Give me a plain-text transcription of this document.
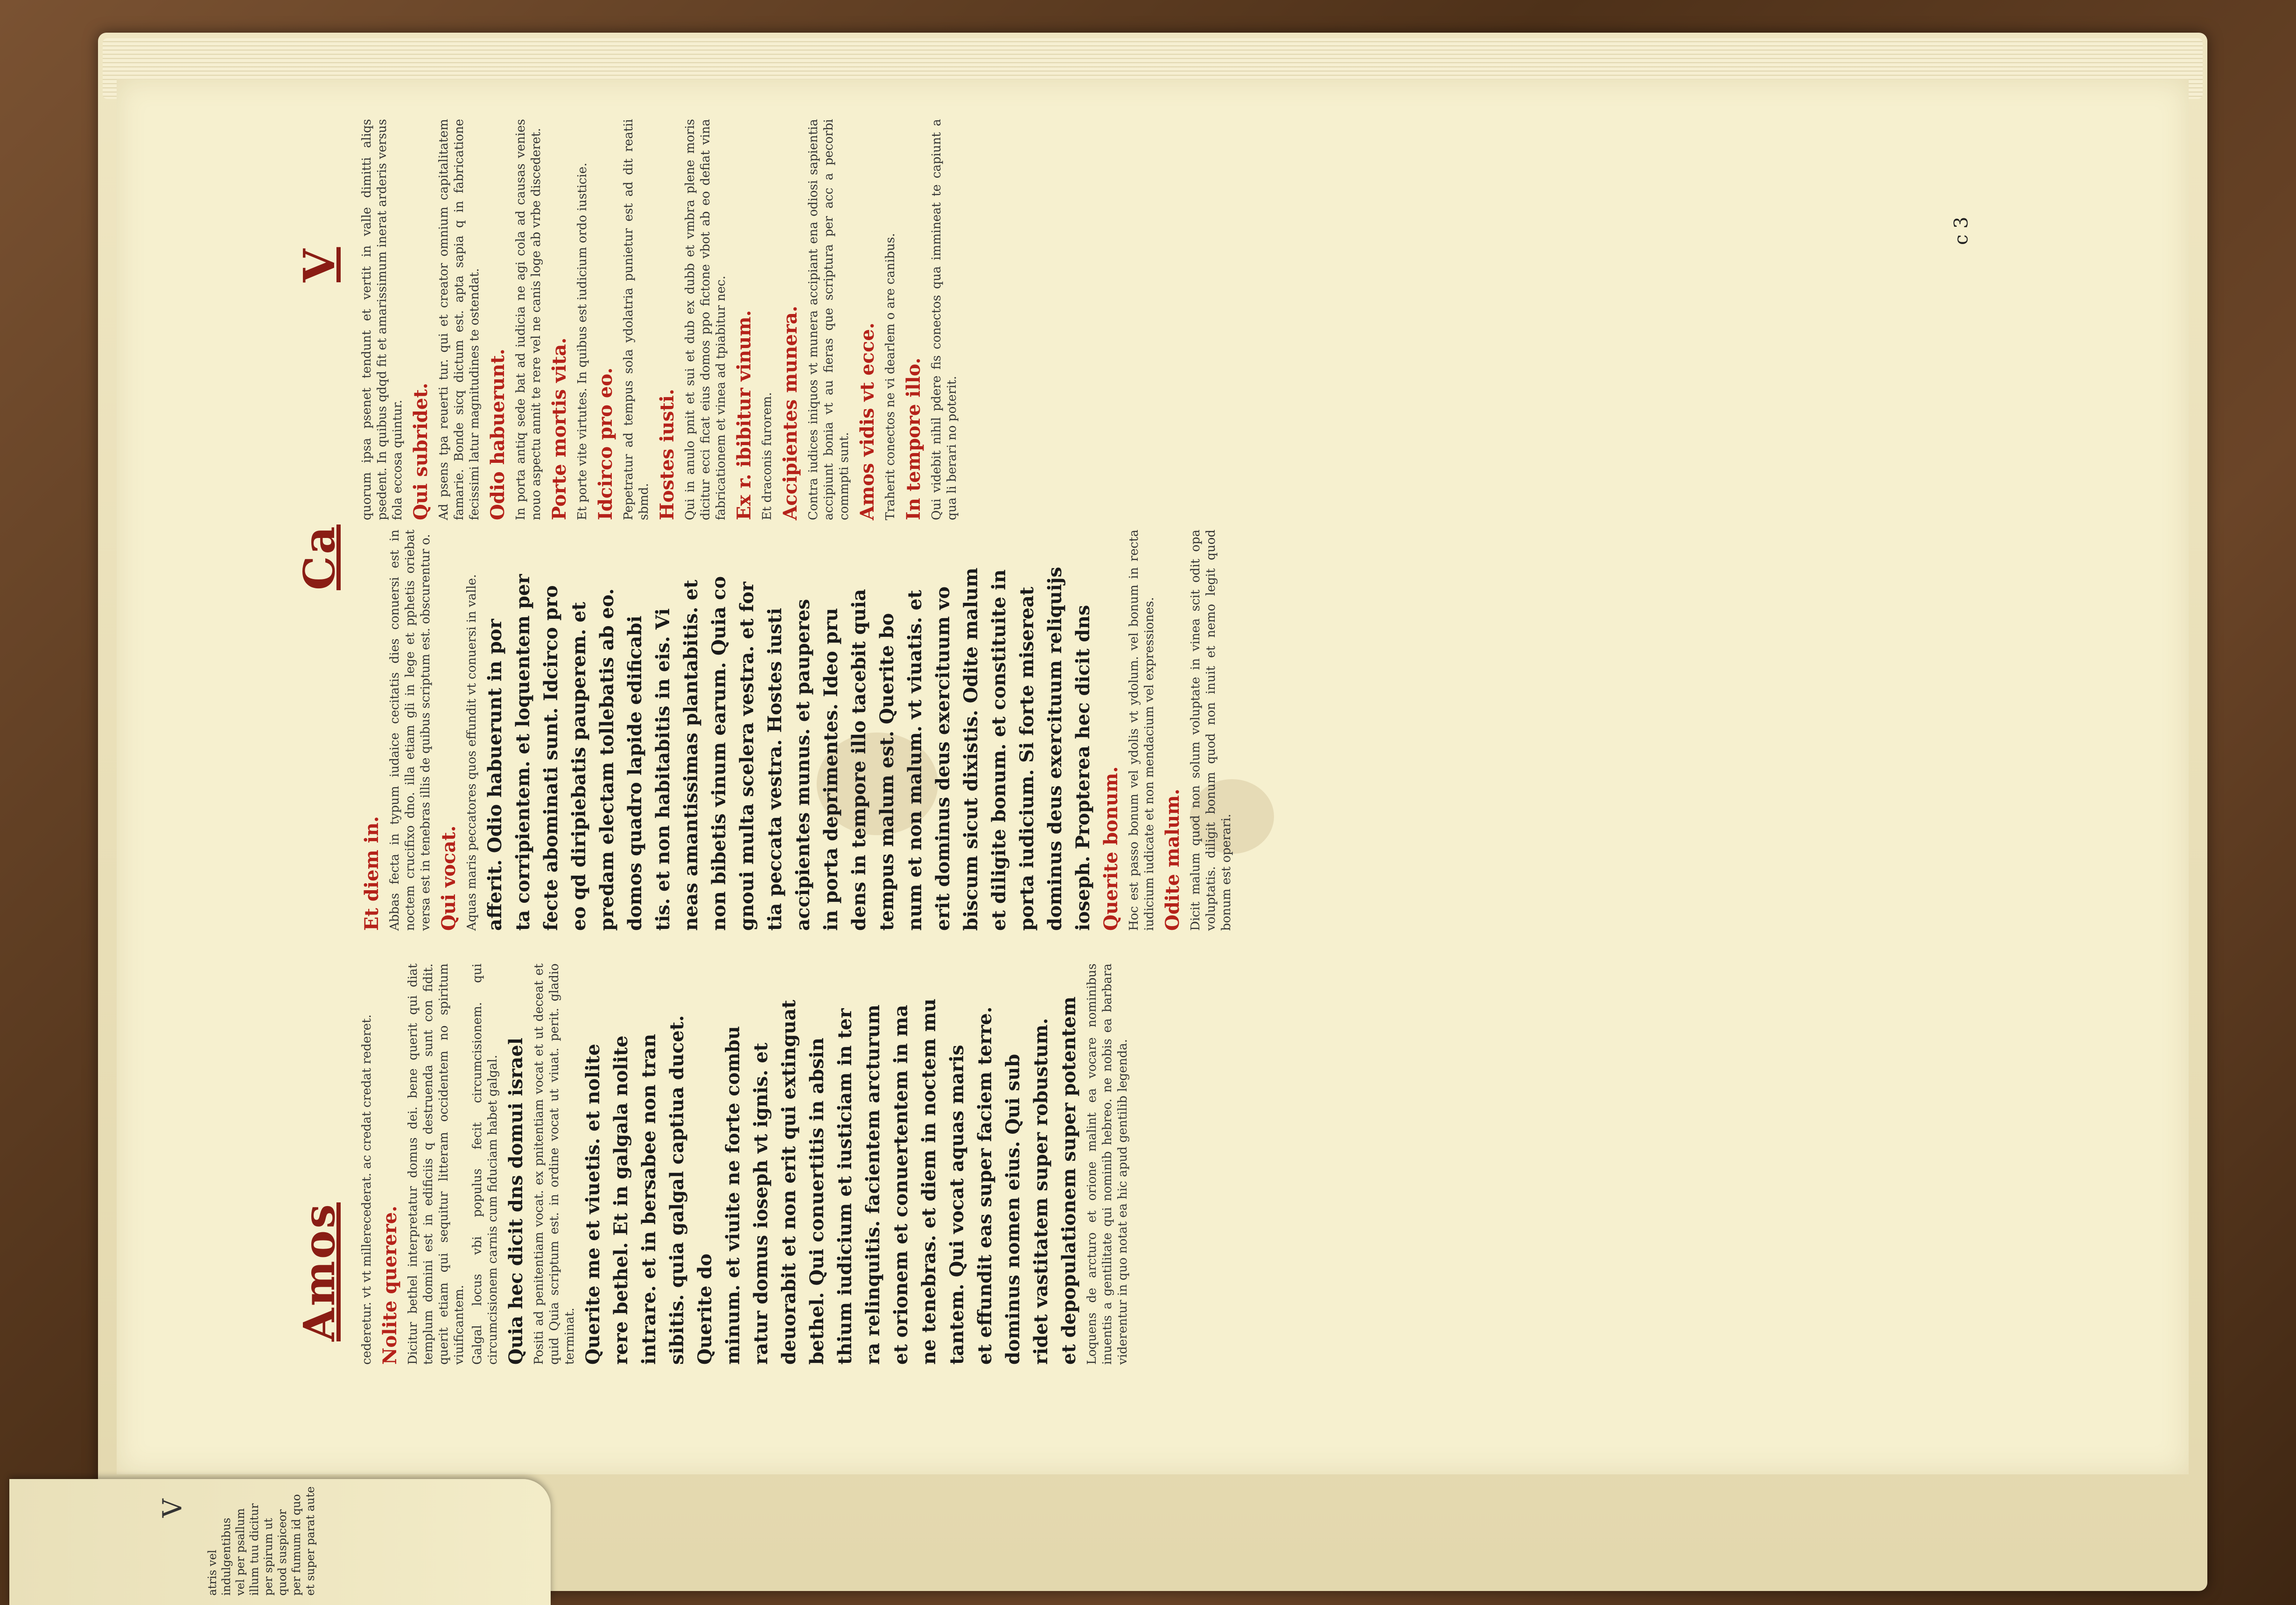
Amos
Ca
V

cederetur. vt vt millerecederat. ac credat credat rederet. Nolite querere. Dicitur bethel interpretatur domus dei. bene querit qui diat templum domini est in edificiis q destruenda sunt con fidit. querit etiam qui sequitur litteram occidentem no spiritum viuificantem. Galgal locus vbi populus fecit circumcisionem. qui circumcisionem carnis cum fiduciam habet galgal. Quia hec dicit dns domui israel Positi ad penitentiam vocat. ex pnitentiam vocat et ut deceat et quid Quia scriptum est. in ordine vocat ut viuat. perit. gladio terminat. Querite me et viuetis. et nolite rere bethel. Et in galgala nolite intrare. et in bersabee non tran sibitis. quia galgal captiua ducet. Querite do minum. et viuite ne forte combu ratur domus ioseph vt ignis. et deuorabit et non erit qui extinguat bethel. Qui conuertitis in absin thium iudicium et iusticiam in ter ra relinquitis. facientem arcturum et orionem et conuertentem in ma ne tenebras. et diem in noctem mu tantem. Qui vocat aquas maris et effundit eas super faciem terre. dominus nomen eius. Qui sub ridet vastitatem super robustum. et depopulationem super potentem Loquens de arcturo et orione malint ea vocare nominibus inuentis a gentilitate qui nominib hebreo. ne nobis ea barbara viderentur in quo notat ea hic apud gentilib legenda.

Et diem in. Abbas fecta in typum iudaice cecitatis dies conuersi est in noctem crucifixo dno. illa etiam gli in lege et pphetis oriebat versa est in tenebras illis de quibus scriptum est. obscurentur o. Qui vocat. Aquas maris peccatores quos effundit vt conuersi in valle. afferit. Odio habuerunt in por ta corripientem. et loquentem per fecte abominati sunt. Idcirco pro eo qd diripiebatis pauperem. et predam electam tollebatis ab eo. domos quadro lapide edificabi tis. et non habitabitis in eis. Vi neas amantissimas plantabitis. et non bibetis vinum earum. Quia co gnoui multa scelera vestra. et for tia peccata vestra. Hostes iusti accipientes munus. et pauperes in porta deprimentes. Ideo pru dens in tempore illo tacebit quia tempus malum est. Querite bo num et non malum. vt viuatis. et erit dominus deus exercituum vo biscum sicut dixistis. Odite malum et diligite bonum. et constituite in porta iudicium. Si forte misereat dominus deus exercituum reliquijs ioseph. Propterea hec dicit dns Querite bonum. Hoc est passo bonum vel ydolis vt ydolum. vel bonum in recta iudicium iudicate et non mendacium vel expressiones. Odite malum. Dicit malum quod non solum voluptate in vinea scit odit opa voluptatis. diligit bonum quod non inuit et nemo legit quod bonum est operari.

quorum ipsa psenet tendunt et vertit in valle dimitti aliqs psedent. In quibus qdqd fit et amarissimum inerat arderis versus fola eccosa quintur. Qui subridet. Ad psens tpa reuerti tur. qui et creator omnium capitalitatem famarie. Bonde sicq dictum est. apta sapia q in fabricatione fecissimi latur magnitudines te ostendat. Odio habuerunt. In porta antiq sede bat ad iudicia ne agi cola ad causas venies nouo aspectu annit te rere vel ne canis loge ab vrbe discederet. Porte mortis vita. Et porte vite virtutes. In quibus est iudicium ordo iusticie. Idcirco pro eo. Pepetratur ad tempus sola ydolatria punietur est ad dit reatii sbmd. Hostes iusti. Qui in anulo pnit et sui et dub ex dubb et vmbra plene moris dicitur ecci ficat eius domos ppo fictone vbot ab eo defiat vina fabricationem et vinea ad tpiabitur nec. Ex r. ibibitur vinum. Et draconis furorem. Accipientes munera. Contra iudices iniquos vt munera accipiant ena odiosi sapientia accipiunt bonia vt au fieras que scriptura per acc a pecorbi commpti sunt. Amos vidis vt ecce. Traherit conectos ne vi dearlem o are canibus. In tempore illo. Qui videbit nihil pdere fis conectos qua immineat te capiunt a qua li berari no poterit.

c 3
V
atris vel indulgentibus vel per psallum illum tuu dicitur per spirum ut quod suspiceor per fumum id quo et super parat aute
